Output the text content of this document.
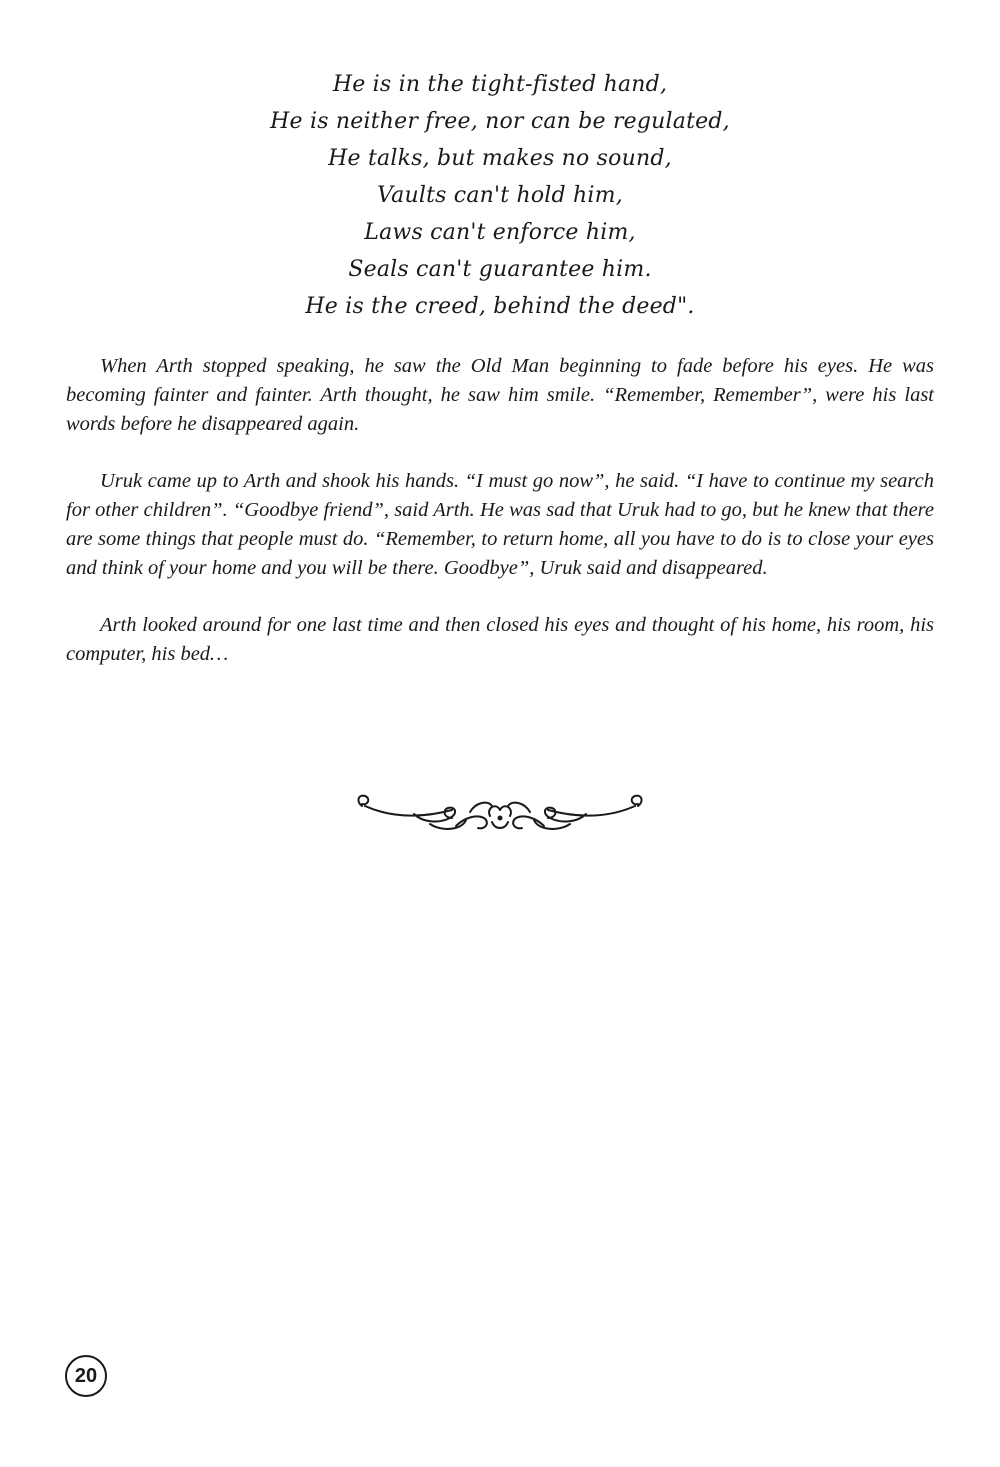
He is in the tight-fisted hand,
He is neither free, nor can be regulated,
He talks, but makes no sound,
Vaults can't hold him,
Laws can't enforce him,
Seals can't guarantee him.
He is the creed, behind the deed".

When Arth stopped speaking, he saw the Old Man beginning to fade before his eyes. He was becoming fainter and fainter. Arth thought, he saw him smile. “Remember, Remember”, were his last words before he disappeared again.

Uruk came up to Arth and shook his hands. “I must go now”, he said. “I have to continue my search for other children”. “Goodbye friend”, said Arth. He was sad that Uruk had to go, but he knew that there are some things that people must do. “Remember, to return home, all you have to do is to close your eyes and think of your home and you will be there. Goodbye”, Uruk said and disappeared.

Arth looked around for one last time and then closed his eyes and thought of his home, his room, his computer, his bed…

20
